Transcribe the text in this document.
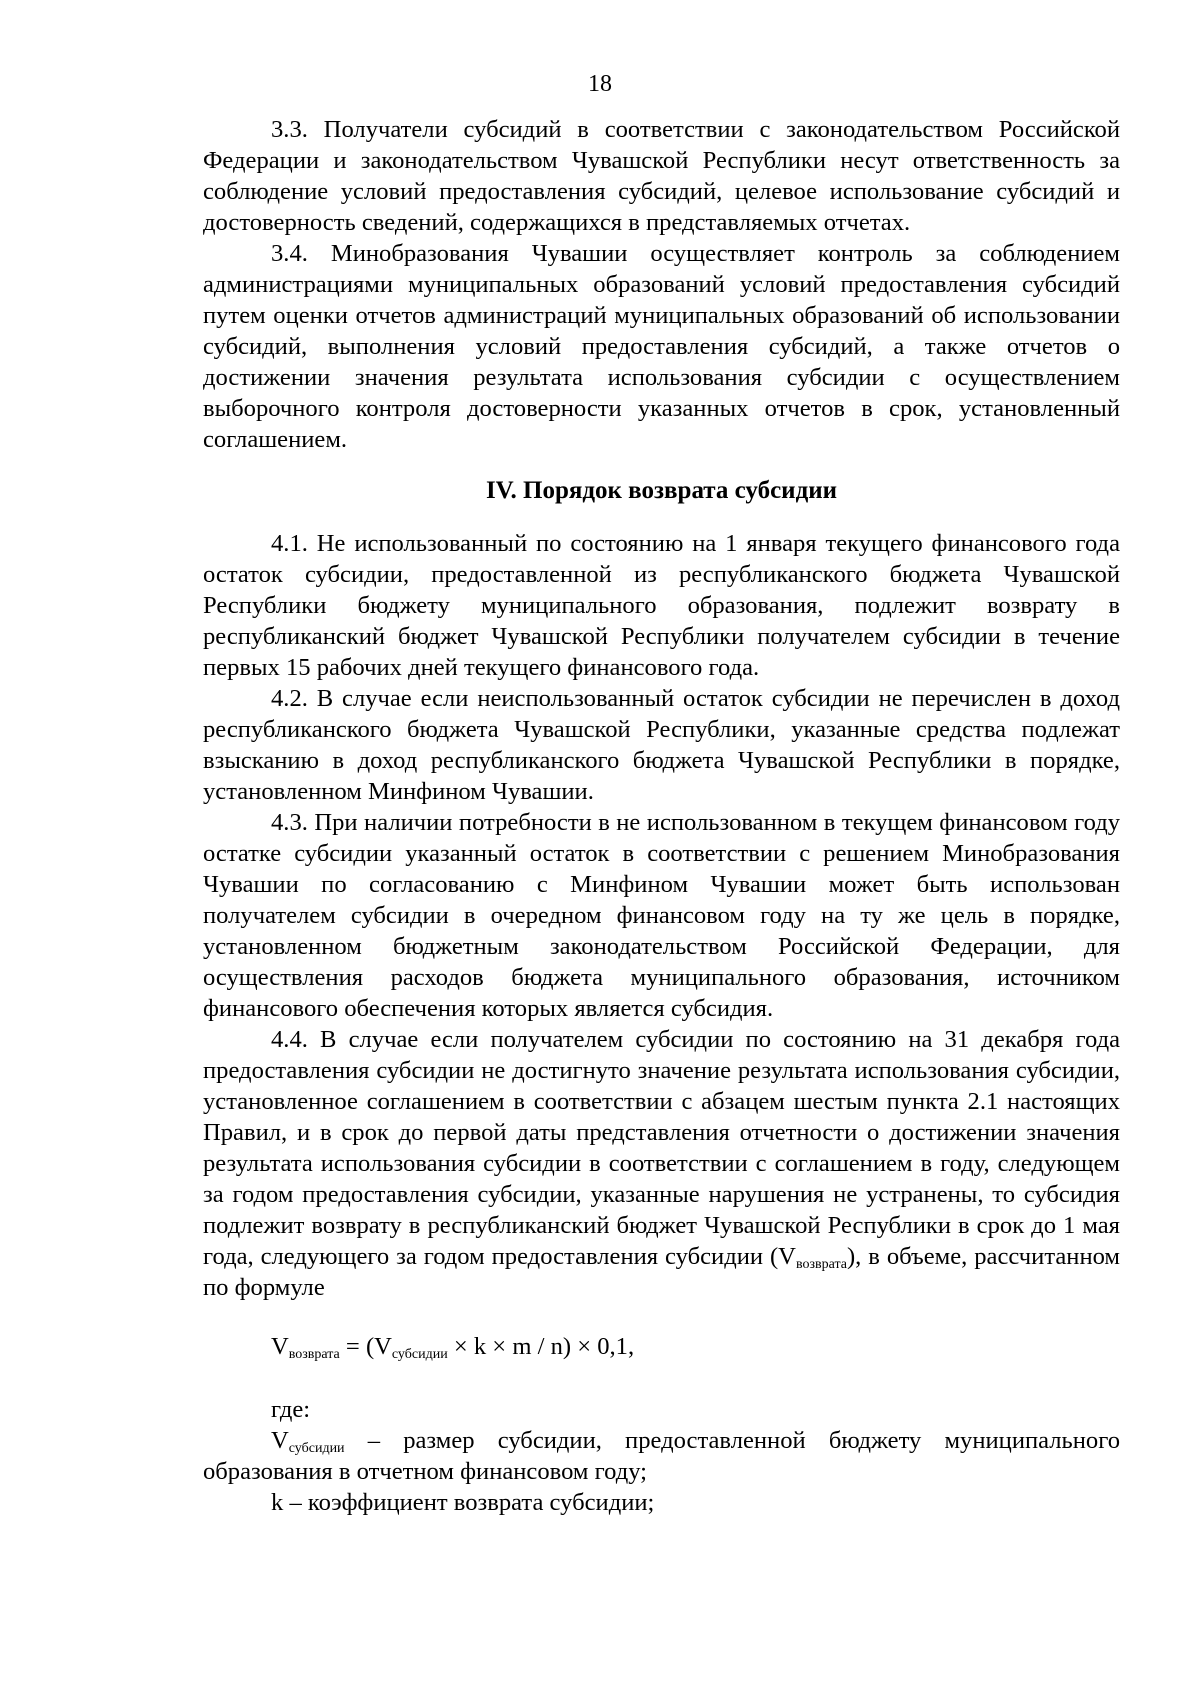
18

3.3. Получатели субсидий в соответствии с законодательством Российской Федерации и законодательством Чувашской Республики несут ответственность за соблюдение условий предоставления субсидий, целевое использование субсидий и достоверность сведений, содержащихся в представляемых отчетах.

3.4. Минобразования Чувашии осуществляет контроль за соблюдением администрациями муниципальных образований условий предоставления субсидий путем оценки отчетов администраций муниципальных образований об использовании субсидий, выполнения условий предоставления субсидий, а также отчетов о достижении значения результата использования субсидии с осуществлением выборочного контроля достоверности указанных отчетов в срок, установленный соглашением.

IV. Порядок возврата субсидии

4.1. Не использованный по состоянию на 1 января текущего финансового года остаток субсидии, предоставленной из республиканского бюджета Чувашской Республики бюджету муниципального образования, подлежит возврату в республиканский бюджет Чувашской Республики получателем субсидии в течение первых 15 рабочих дней текущего финансового года.

4.2. В случае если неиспользованный остаток субсидии не перечислен в доход республиканского бюджета Чувашской Республики, указанные средства подлежат взысканию в доход республиканского бюджета Чувашской Республики в порядке, установленном Минфином Чувашии.

4.3. При наличии потребности в не использованном в текущем финансовом году остатке субсидии указанный остаток в соответствии с решением Минобразования Чувашии по согласованию с Минфином Чувашии может быть использован получателем субсидии в очередном финансовом году на ту же цель в порядке, установленном бюджетным законодательством Российской Федерации, для осуществления расходов бюджета муниципального образования, источником финансового обеспечения которых является субсидия.

4.4. В случае если получателем субсидии по состоянию на 31 декабря года предоставления субсидии не достигнуто значение результата использования субсидии, установленное соглашением в соответствии с абзацем шестым пункта 2.1 настоящих Правил, и в срок до первой даты представления отчетности о достижении значения результата использования субсидии в соответствии с соглашением в году, следующем за годом предоставления субсидии, указанные нарушения не устранены, то субсидия подлежит возврату в республиканский бюджет Чувашской Республики в срок до 1 мая года, следующего за годом предоставления субсидии $(V_{возврата})$, в объеме, рассчитанном по формуле

$V_{возврата} = (V_{субсидии} \times k \times m / n) \times 0,1$,

где:

$V_{субсидии}$ – размер субсидии, предоставленной бюджету муниципального образования в отчетном финансовом году;

k – коэффициент возврата субсидии;
